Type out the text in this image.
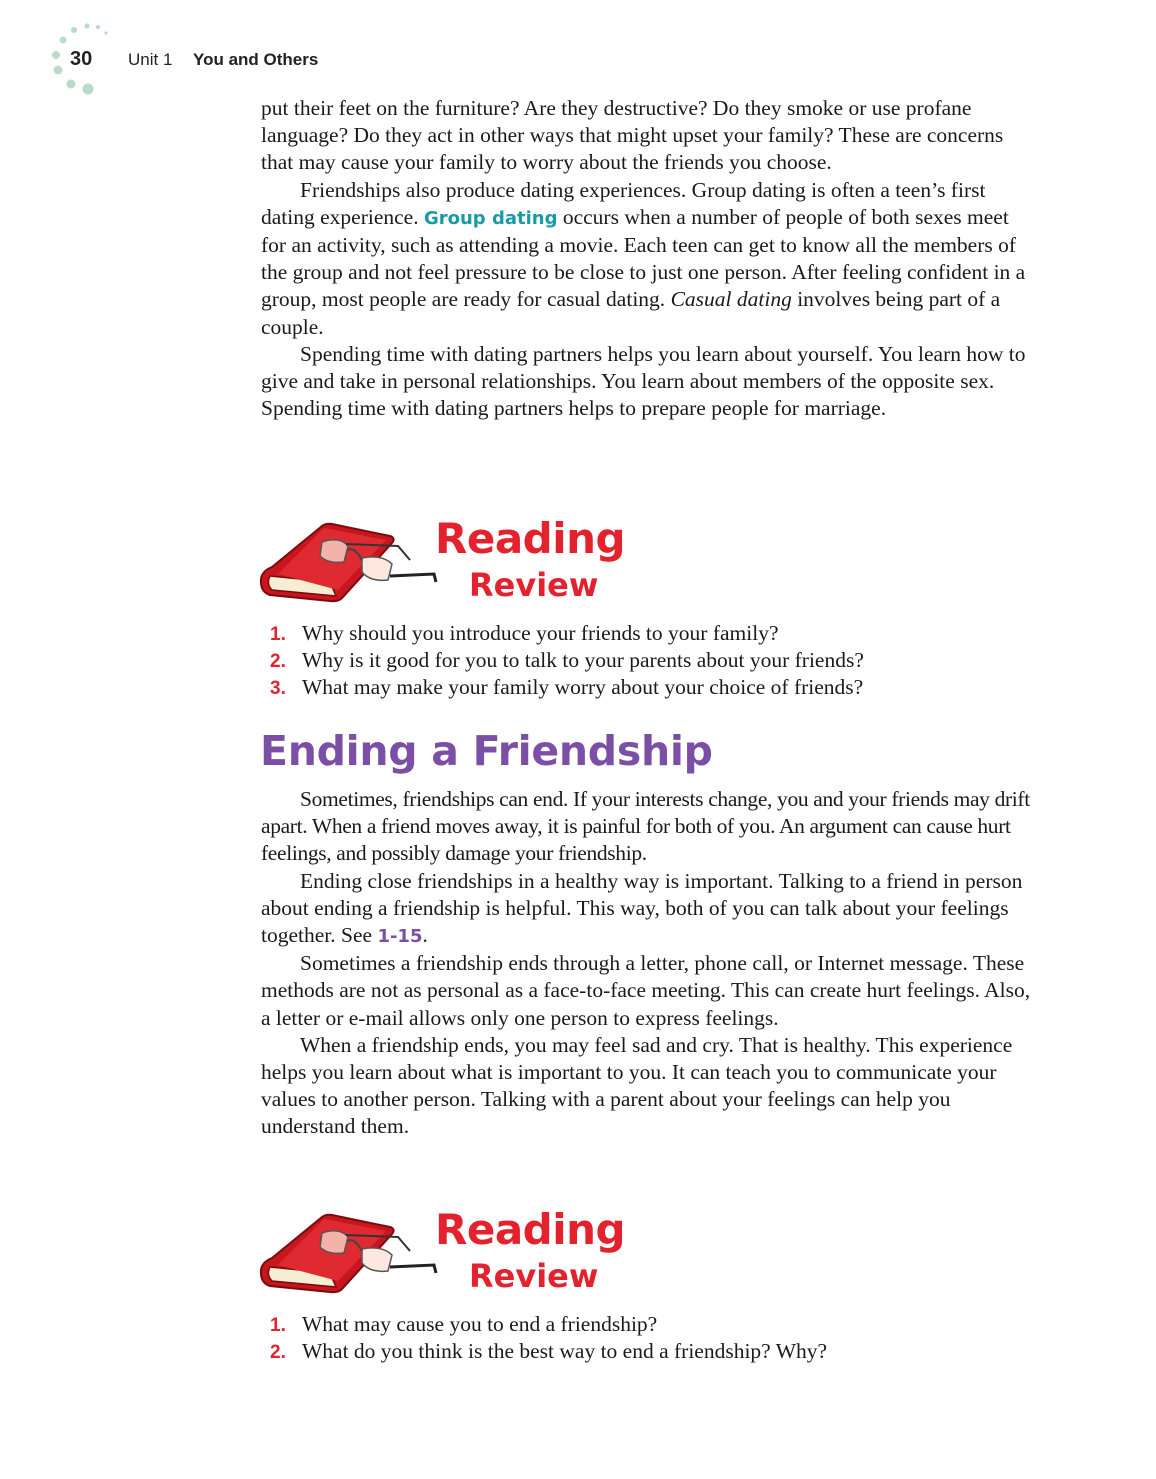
30 Unit 1 You and Others

put their feet on the furniture? Are they destructive? Do they smoke or use profane language? Do they act in other ways that might upset your family? These are concerns that may cause your family to worry about the friends you choose.

Friendships also produce dating experiences. Group dating is often a teen’s first dating experience. Group dating occurs when a number of people of both sexes meet for an activity, such as attending a movie. Each teen can get to know all the members of the group and not feel pressure to be close to just one person. After feeling confident in a group, most people are ready for casual dating. Casual dating involves being part of a couple.

Spending time with dating partners helps you learn about yourself. You learn how to give and take in personal relationships. You learn about members of the opposite sex. Spending time with dating partners helps to prepare people for marriage.

Reading
Review
1. Why should you introduce your friends to your family?
2. Why is it good for you to talk to your parents about your friends?
3. What may make your family worry about your choice of friends?
Ending a Friendship

Sometimes, friendships can end. If your interests change, you and your friends may drift apart. When a friend moves away, it is painful for both of you. An argument can cause hurt feelings, and possibly damage your friendship.

Ending close friendships in a healthy way is important. Talking to a friend in person about ending a friendship is helpful. This way, both of you can talk about your feelings together. See 1-15.

Sometimes a friendship ends through a letter, phone call, or Internet message. These methods are not as personal as a face-to-face meeting. This can create hurt feelings. Also, a letter or e-mail allows only one person to express feelings.

When a friendship ends, you may feel sad and cry. That is healthy. This experience helps you learn about what is important to you. It can teach you to communicate your values to another person. Talking with a parent about your feelings can help you understand them.

Reading
Review
1. What may cause you to end a friendship?
2. What do you think is the best way to end a friendship? Why?
